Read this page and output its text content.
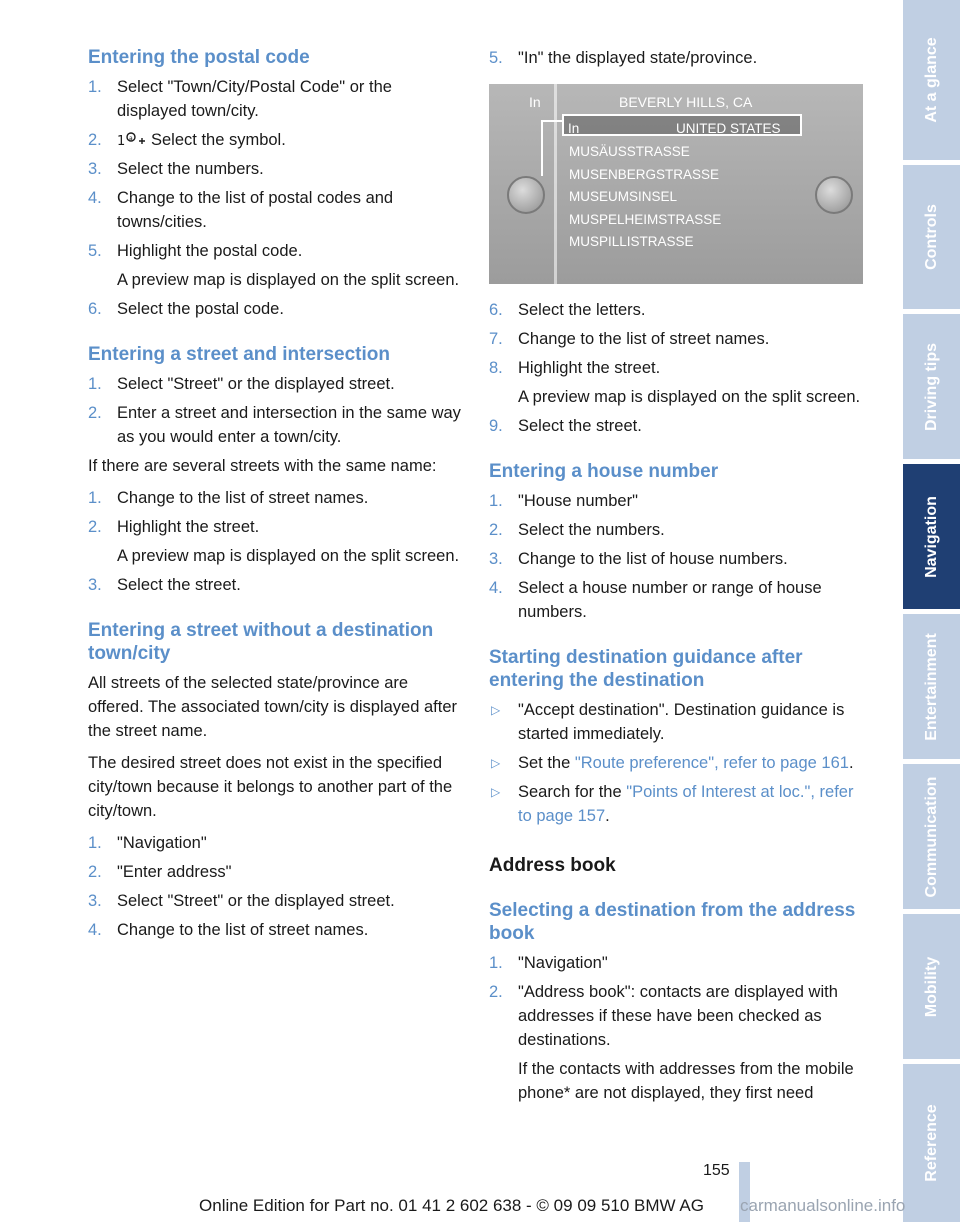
Entering the postal code
1. Select "Town/City/Postal Code" or the displayed town/city.
2. 1 a Select the symbol.
3. Select the numbers.
4. Change to the list of postal codes and towns/cities.
5. Highlight the postal code.
A preview map is displayed on the split screen.
6. Select the postal code.
Entering a street and intersection
1. Select "Street" or the displayed street.
2. Enter a street and intersection in the same way as you would enter a town/city.

If there are several streets with the same name:

1. Change to the list of street names.
2. Highlight the street.
A preview map is displayed on the split screen.
3. Select the street.
Entering a street without a destination town/city

All streets of the selected state/province are offered. The associated town/city is displayed after the street name.

The desired street does not exist in the specified city/town because it belongs to another part of the city/town.

1. "Navigation"
2. "Enter address"
3. Select "Street" or the displayed street.
4. Change to the list of street names.
5. "In" the displayed state/province.
In	BEVERLY HILLS, CA
In	UNITED STATES
MUSÄUSSTRASSE
MUSENBERGSTRASSE
MUSEUMSINSEL
MUSPELHEIMSTRASSE
MUSPILLISTRASSE
6. Select the letters.
7. Change to the list of street names.
8. Highlight the street.
A preview map is displayed on the split screen.
9. Select the street.
Entering a house number
1. "House number"
2. Select the numbers.
3. Change to the list of house numbers.
4. Select a house number or range of house numbers.
Starting destination guidance after entering the destination
▷ "Accept destination". Destination guidance is started immediately.
▷ Set the "Route preference", refer to page 161.
▷ Search for the "Points of Interest at loc.", refer to page 157.
Address book
Selecting a destination from the address book
1. "Navigation"
2. "Address book": contacts are displayed with addresses if these have been checked as destinations.
If the contacts with addresses from the mobile phone* are not displayed, they first need
At a glance
Controls
Driving tips
Navigation
Entertainment
Communication
Mobility
Reference
155
Online Edition for Part no. 01 41 2 602 638 - © 09 09 510 BMW AG	carmanualsonline.info
